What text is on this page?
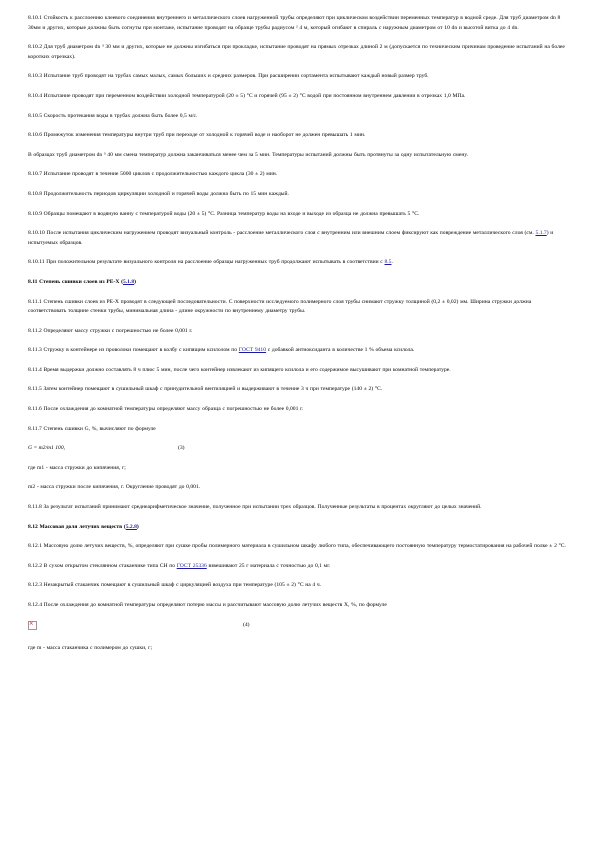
8.10.1 Стойкость к расслоению клеевого соединения внутреннего и металлического слоев нагруженной трубы определяют при циклическом воздействии переменных температур в водной среде. Для труб диаметром dn 8 30мм и других, которые должны быть согнуты при монтаже, испытание проводят на образце трубы радиусом ² 4 м, который огибают в спираль с наружным диаметром от 10 dn и высотой витка до 4 dn.

8.10.2 Для труб диаметром dn ³ 30 мм и других, которые не должны изгибаться при прокладке, испытание проводят на прямых отрезках длиной 2 м (допускается по техническим причинам проведение испытаний на более коротких отрезках).

8.10.3 Испытание труб проводят на трубах самых малых, самых больших и средних размеров. При расширении сортамента испытывают каждый новый размер труб.

8.10.4 Испытание проводят при переменном воздействии холодной температурой (20 ± 5) °С и горячей (95 ± 2) °С водой при постоянном внутреннем давлении в отрезках 1,0 МПа.

8.10.5 Скорость протекания воды в трубах должна быть более 0,5 м/с.

8.10.6 Промежуток изменения температуры внутри труб при переходе от холодной к горячей воде и наоборот не должен превышать 1 мин.

В образцах труб диаметром dn ³ 40 мм смена температур должна заканчиваться менее чем за 5 мин. Температуры испытаний должны быть протянуты за одну испытательную смену.

8.10.7 Испытание проводят в течение 5000 циклов с продолжительностью каждого цикла (30 ± 2) мин.

8.10.8 Продолжительность периодов циркуляции холодной и горячей воды должна быть по 15 мин каждый.

8.10.9 Образцы помещают в водяную ванну с температурой воды (20 ± 5) °С. Разница температур воды на входе и выходе из образца не должна превышать 5 °С.

8.10.10 После испытания циклическим нагружением проводят визуальный контроль - расслоение металлического слоя с внутренним или внешним слоем фиксируют как повреждение металлического слоя (см. 5.1.7) и испытуемых образцов.

8.10.11 При положительном результате визуального контроля на расслоение образцы нагруженных труб продолжают испытывать в соответствии с 8.5.

8.11 Степень сшивки слоев из PE-X (5.1.8)

8.11.1 Степень сшивки слоев из PE-X проводят в следующей последовательности. С поверхности исследуемого полимерного слоя трубы снимают стружку толщиной (0,2 ± 0,02) мм. Ширина стружки должна соответствовать толщине стенки трубы, минимальная длина - длине окружности по внутреннему диаметру трубы.

8.11.2 Определяют массу стружки с погрешностью не более 0,001 г.

8.11.3 Стружку в контейнере из проволоки помещают в колбу с кипящим ксилолом по ГОСТ 9410 с добавкой антиоксиданта в количестве 1 % объема ксилола.

8.11.4 Время выдержки должно составлять 8 ч плюс 5 мин, после чего контейнер извлекают из кипящего ксилола и его содержимое высушивают при комнатной температуре.

8.11.5 Затем контейнер помещают в сушильный шкаф с принудительной вентиляцией и выдерживают в течение 3 ч при температуре (140 ± 2) °С.

8.11.6 После охлаждения до комнатной температуры определяют массу образца с погрешностью не более 0,001 г.

8.11.7 Степень сшивки G, %, вычисляют по формуле

G = m2/m1 100,	(3)

где m1 - масса стружки до кипячения, г;

m2 - масса стружки после кипячения, г. Округление проводят до 0,001.

8.11.8 За результат испытаний принимают среднеарифметическое значение, полученное при испытании трех образцов. Полученные результаты в процентах округляют до целых значений.

8.12 Массовая доля летучих веществ (5.2.8)

8.12.1 Массовую долю летучих веществ, %, определяют при сушке пробы полимерного материала в сушильном шкафу любого типа, обеспечивающего постоянную температуру термостатирования на рабочей полке ± 2 °С.

8.12.2 В сухом открытом стеклянном стаканчике типа СН по ГОСТ 25336 взвешивают 25 г материала с точностью до 0,1 мг.

8.12.3 Незакрытый стаканчик помещают в сушильный шкаф с циркуляцией воздуха при температуре (105 ± 2) °С на 4 ч.

8.12.4 После охлаждения до комнатной температуры определяют потерю массы и рассчитывают массовую долю летучих веществ X, %, по формуле

×
(4)

где m - масса стаканчика с полимером до сушки, г;
